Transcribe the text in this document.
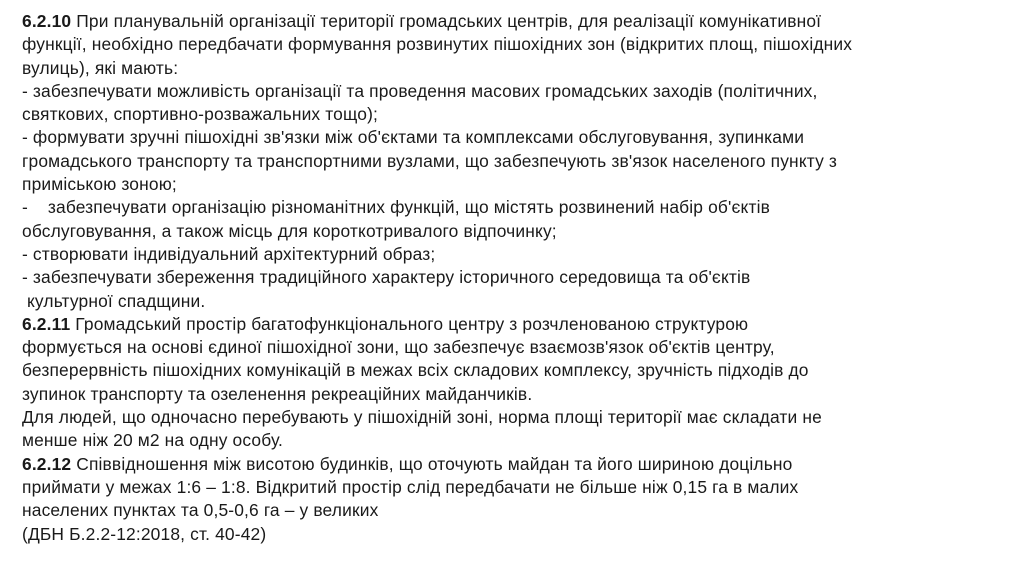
6.2.10 При планувальній організації території громадських центрів, для реалізації комунікативної
функції, необхідно передбачати формування розвинутих пішохідних зон (відкритих площ, пішохідних
вулиць), які мають:
- забезпечувати можливість організації та проведення масових громадських заходів (політичних,
святкових, спортивно-розважальних тощо);
- формувати зручні пішохідні зв'язки між об'єктами та комплексами обслуговування, зупинками
громадського транспорту та транспортними вузлами, що забезпечують зв'язок населеного пункту з
приміською зоною;
-    забезпечувати організацію різноманітних функцій, що містять розвинений набір об'єктів
обслуговування, а також місць для короткотривалого відпочинку;
- створювати індивідуальний архітектурний образ;
- забезпечувати збереження традиційного характеру історичного середовища та об'єктів
культурної спадщини.
6.2.11 Громадський простір багатофункціонального центру з розчленованою структурою
формується на основі єдиної пішохідної зони, що забезпечує взаємозв'язок об'єктів центру,
безперервність пішохідних комунікацій в межах всіх складових комплексу, зручність підходів до
зупинок транспорту та озеленення рекреаційних майданчиків.
Для людей, що одночасно перебувають у пішохідній зоні, норма площі території має складати не
менше ніж 20 м2 на одну особу.
6.2.12 Співвідношення між висотою будинків, що оточують майдан та його шириною доцільно
приймати у межах 1:6 – 1:8. Відкритий простір слід передбачати не більше ніж 0,15 га в малих
населених пунктах та 0,5-0,6 га – у великих
(ДБН Б.2.2-12:2018, ст. 40-42)
